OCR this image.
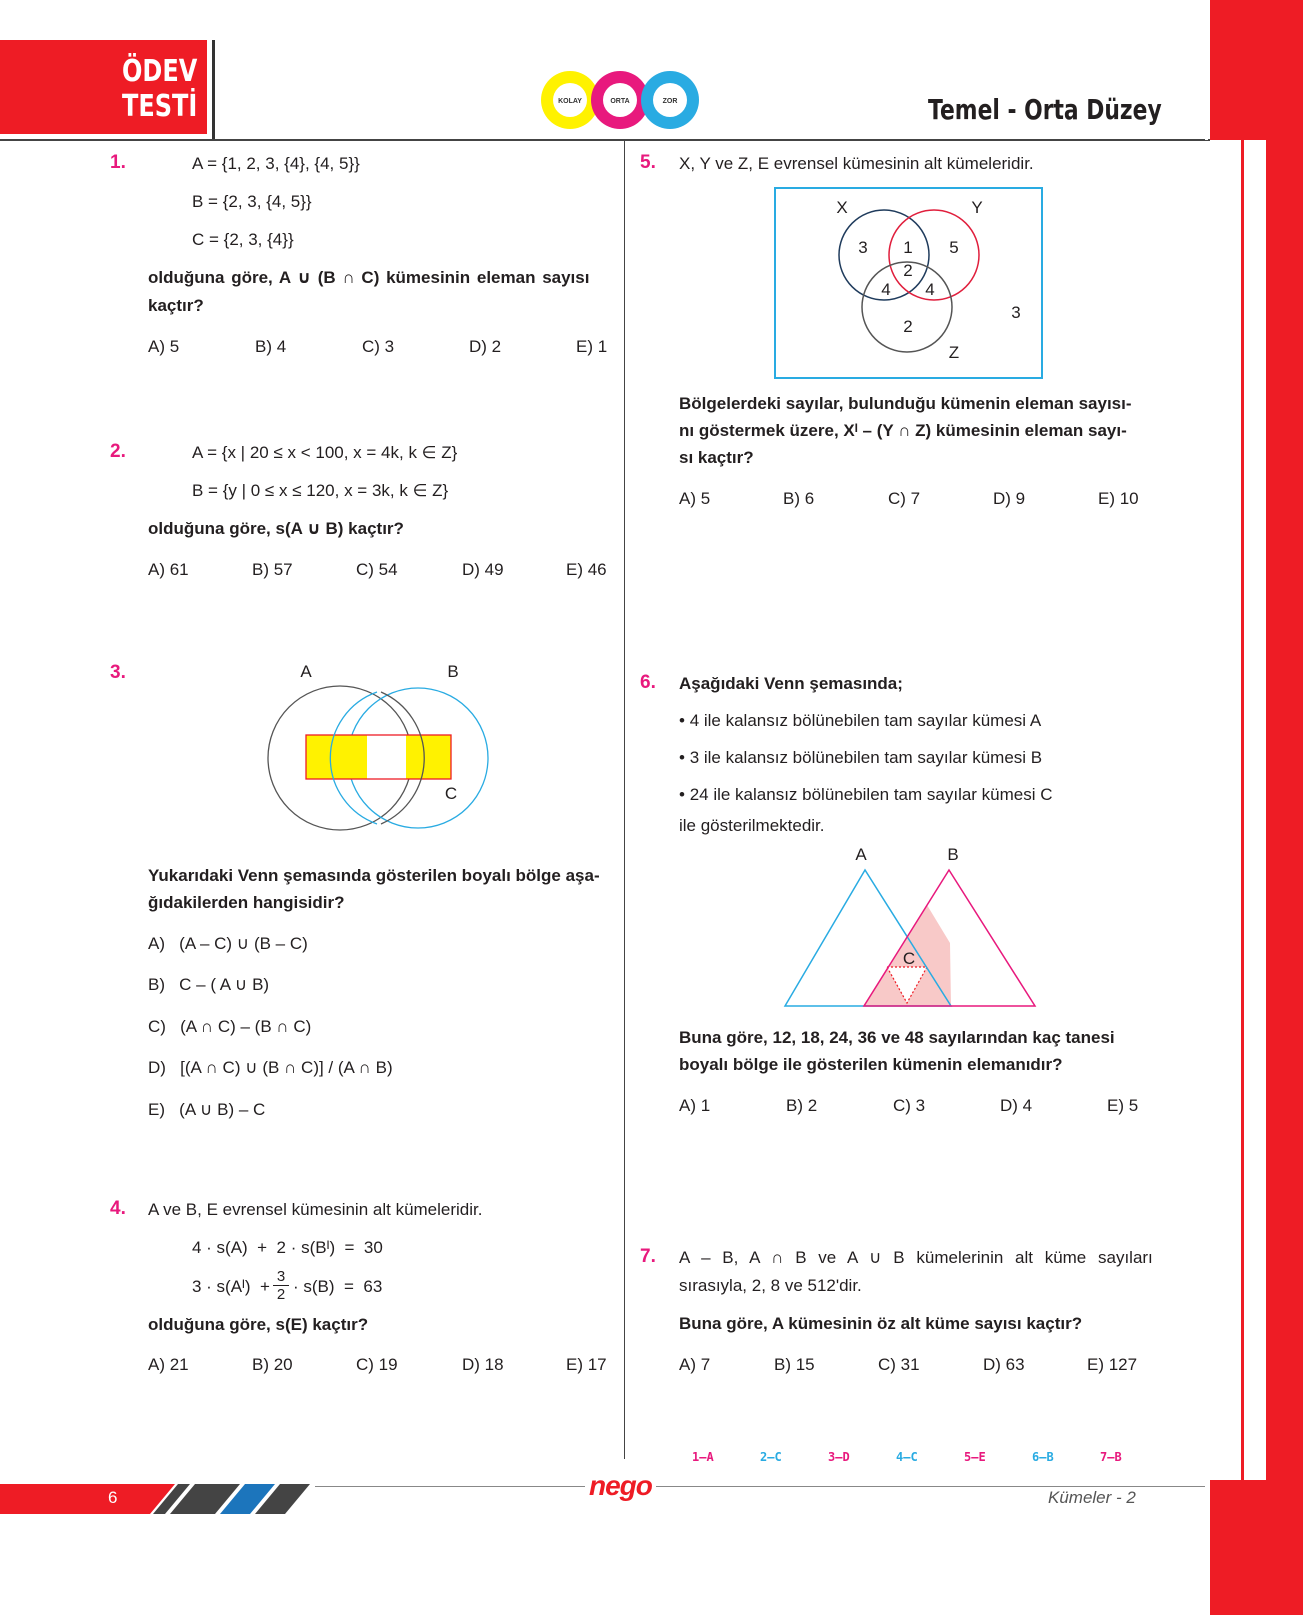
ÖDEV
TESTİ	KOLAY	ORTA	ZOR	Temel - Orta Düzey
1.	A = {1, 2, 3, {4}, {4, 5}}
B = {2, 3, {4, 5}}
C = {2, 3, {4}}
olduğuna göre, A ∪ (B ∩ C) kümesinin eleman sayısı
kaçtır?
A) 5	B) 4	C) 3	D) 2	E) 1
2.	A = {x | 20 ≤ x < 100, x = 4k, k ∈ Z}
B = {y | 0 ≤ x ≤ 120, x = 3k, k ∈ Z}
olduğuna göre, s(A ∪ B) kaçtır?
A) 61	B) 57	C) 54	D) 49	E) 46
3.	A	B
C
Yukarıdaki Venn şemasında gösterilen boyalı bölge aşa-
ğıdakilerden hangisidir?
A)   (A – C) ∪ (B – C)
B)   C – ( A ∪ B)
C)   (A ∩ C) – (B ∩ C)
D)   [(A ∩ C) ∪ (B ∩ C)] / (A ∩ B)
E)   (A ∪ B) – C
4. A ve B, E evrensel kümesinin alt kümeleridir.
4 · s(A)  +  2 · s(Bᴵ)  =  30
3 · s(Aᴵ)  + $\frac{3}{2} \cdot s(B) = 63$
olduğuna göre, s(E) kaçtır?
A) 21	B) 20	C) 19	D) 18	E) 17
5. X, Y ve Z, E evrensel kümesinin alt kümeleridir.
X	Y
Z
3 1 5
2
4 4
2
3
Bölgelerdeki sayılar, bulunduğu kümenin eleman sayısı-
nı göstermek üzere, Xᴵ – (Y ∩ Z) kümesinin eleman sayı-
sı kaçtır?
A) 5	B) 6	C) 7	D) 9	E) 10
6. Aşağıdaki Venn şemasında;
• 4 ile kalansız bölünebilen tam sayılar kümesi A
• 3 ile kalansız bölünebilen tam sayılar kümesi B
• 24 ile kalansız bölünebilen tam sayılar kümesi C
ile gösterilmektedir.
A	B
C
Buna göre, 12, 18, 24, 36 ve 48 sayılarından kaç tanesi
boyalı bölge ile gösterilen kümenin elemanıdır?
A) 1	B) 2	C) 3	D) 4	E) 5
7. A – B, A ∩ B ve A ∪ B kümelerinin alt küme sayıları
sırasıyla, 2, 8 ve 512'dir.
Buna göre, A kümesinin öz alt küme sayısı kaçtır?
A) 7	B) 15	C) 31	D) 63	E) 127
1–A	2–C	3–D	4–C	5–E	6–B	7–B
6	nego	Kümeler - 2
